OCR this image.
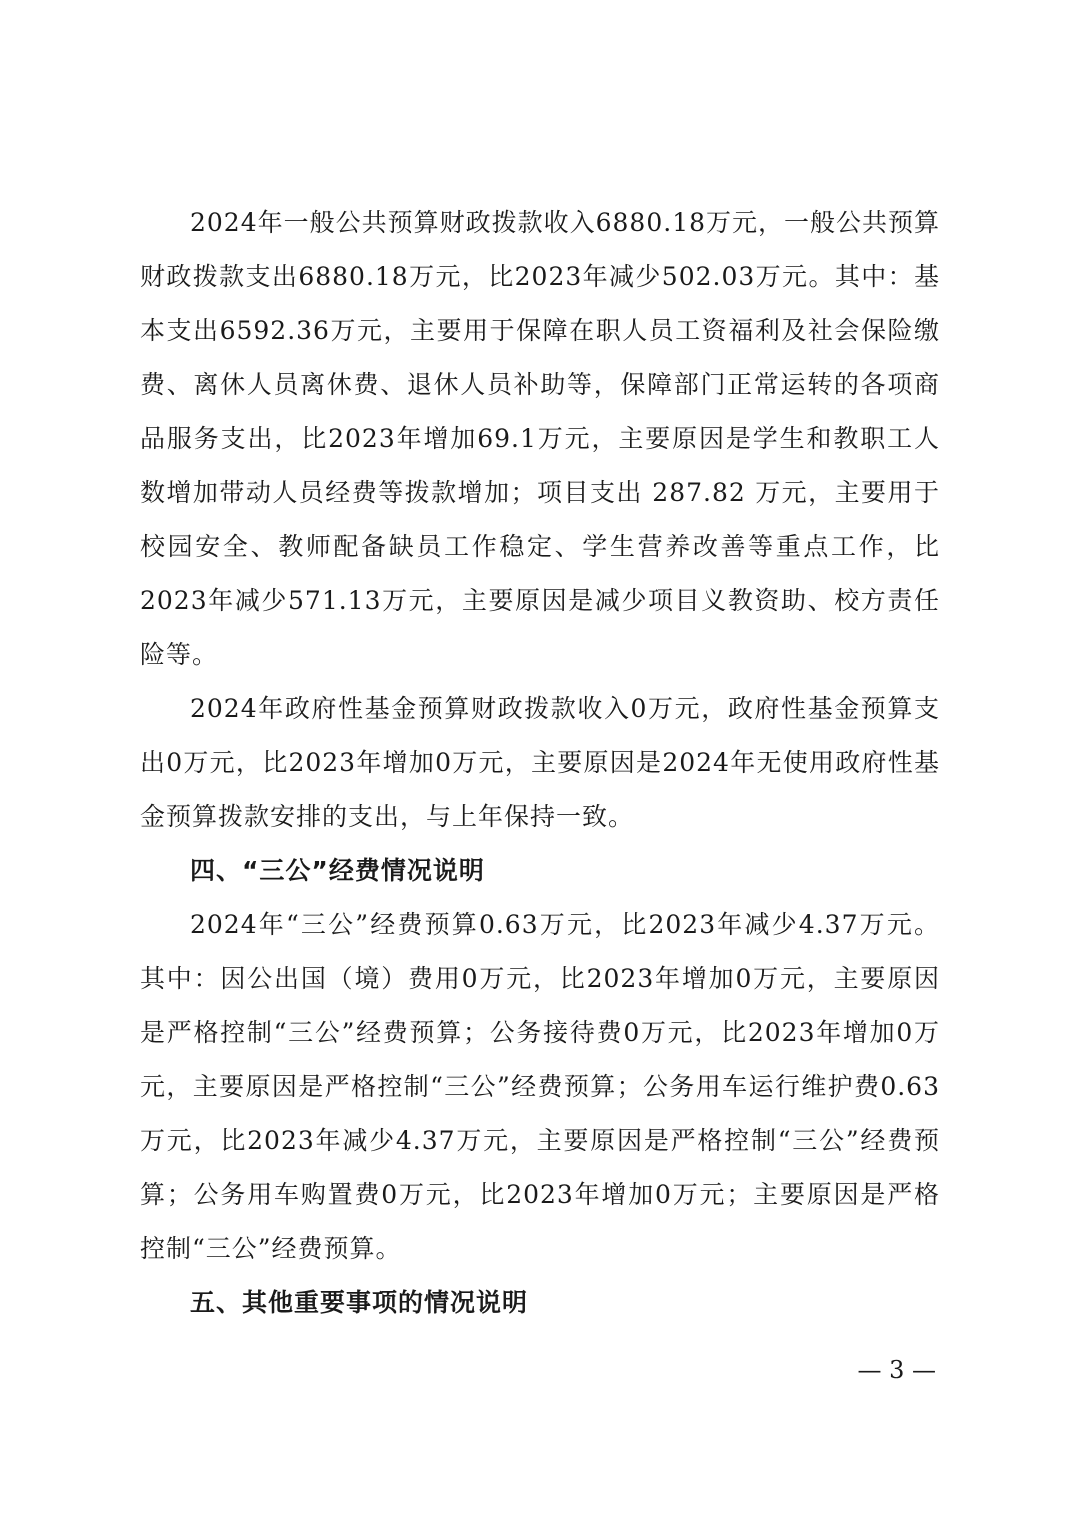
2024年一般公共预算财政拨款收入6880.18万元，一般公共预算财政拨款支出6880.18万元，比2023年减少502.03万元。其中：基本支出6592.36万元，主要用于保障在职人员工资福利及社会保险缴费、离休人员离休费、退休人员补助等，保障部门正常运转的各项商品服务支出，比2023年增加69.1万元，主要原因是学生和教职工人数增加带动人员经费等拨款增加；项目支出 287.82 万元，主要用于校园安全、教师配备缺员工作稳定、学生营养改善等重点工作，比2023年减少571.13万元，主要原因是减少项目义教资助、校方责任险等。

2024年政府性基金预算财政拨款收入0万元，政府性基金预算支出0万元，比2023年增加0万元，主要原因是2024年无使用政府性基金预算拨款安排的支出，与上年保持一致。

四、“三公”经费情况说明

2024年“三公”经费预算0.63万元，比2023年减少4.37万元。其中：因公出国（境）费用0万元，比2023年增加0万元，主要原因是严格控制“三公”经费预算；公务接待费0万元，比2023年增加0万元，主要原因是严格控制“三公”经费预算；公务用车运行维护费0.63万元，比2023年减少4.37万元，主要原因是严格控制“三公”经费预算；公务用车购置费0万元，比2023年增加0万元；主要原因是严格控制“三公”经费预算。

五、其他重要事项的情况说明

— 3 —
